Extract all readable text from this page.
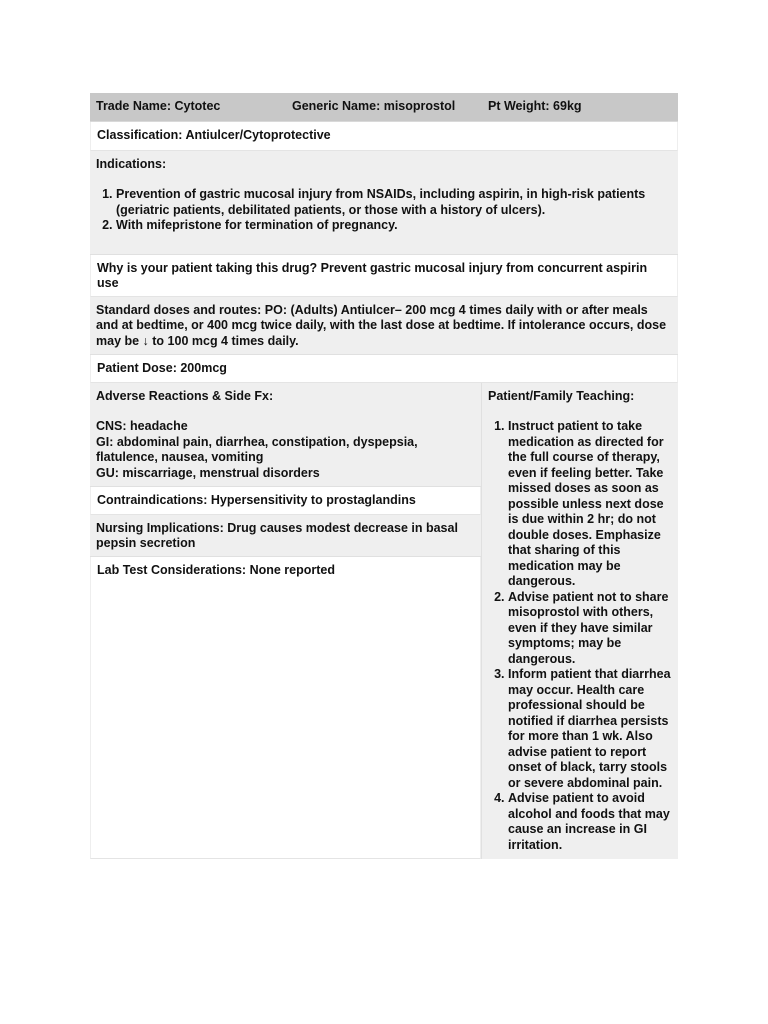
Trade Name: Cytotec	Generic Name: misoprostol	Pt Weight: 69kg
Classification: Antiulcer/Cytoprotective
Indications:
1. Prevention of gastric mucosal injury from NSAIDs, including aspirin, in high-risk patients (geriatric patients, debilitated patients, or those with a history of ulcers).
2. With mifepristone for termination of pregnancy.
Why is your patient taking this drug? Prevent gastric mucosal injury from concurrent aspirin use
Standard doses and routes: PO: (Adults) Antiulcer– 200 mcg 4 times daily with or after meals and at bedtime, or 400 mcg twice daily, with the last dose at bedtime. If intolerance occurs, dose may be ↓ to 100 mcg 4 times daily.
Patient Dose: 200mcg
Adverse Reactions & Side Fx:
CNS: headache
GI: abdominal pain, diarrhea, constipation, dyspepsia, flatulence, nausea, vomiting
GU: miscarriage, menstrual disorders
Contraindications: Hypersensitivity to prostaglandins
Nursing Implications: Drug causes modest decrease in basal pepsin secretion
Lab Test Considerations: None reported
Patient/Family Teaching:
1. Instruct patient to take medication as directed for the full course of therapy, even if feeling better. Take missed doses as soon as possible unless next dose is due within 2 hr; do not double doses. Emphasize that sharing of this medication may be dangerous.
2. Advise patient not to share misoprostol with others, even if they have similar symptoms; may be dangerous.
3. Inform patient that diarrhea may occur. Health care professional should be notified if diarrhea persists for more than 1 wk. Also advise patient to report onset of black, tarry stools or severe abdominal pain.
4. Advise patient to avoid alcohol and foods that may cause an increase in GI irritation.
